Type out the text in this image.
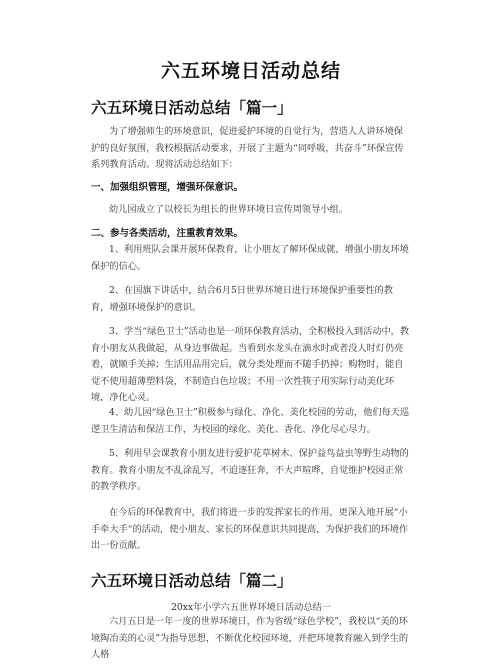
六五环境日活动总结
六五环境日活动总结「篇一」

为了增强师生的环境意识，促进爱护环境的自觉行为，营造人人讲环境保护的良好氛围，我校根据活动要求，开展了主题为“同呼吸，共奋斗”环保宣传系列教育活动。现将活动总结如下：

一、加强组织管理，增强环保意识。

幼儿园成立了以校长为组长的世界环境日宣传周领导小组。

二、参与各类活动，注重教育效果。

1、利用班队会课开展环保教育，让小朋友了解环保成就，增强小朋友环境保护的信心。

2、在国旗下讲话中，结合6月5日世界环境日进行环境保护重要性的教育，增强环境保护的意识。

3、学当“绿色卫士”活动也是一项环保教育活动，全积极投入到活动中，教育小朋友从我做起，从身边事做起。当看到水龙头在滴水时或者没人时灯仍亮着，就顺手关掉；生活用品用完后，就分类处理而不随手扔掉；购物时，能自觉不使用超薄塑料袋，不制造白色垃圾；不用一次性筷子用实际行动美化环境，净化心灵。

4、幼儿园“绿色卫士”积极参与绿化、净化、美化校园的劳动，他们每天巡逻卫生清洁和保洁工作，为校园的绿化、美化、香化、净化尽心尽力。

5、利用早会课教育小朋友进行爱护花草树木、保护益鸟益虫等野生动物的教育。教育小朋友不乱涂乱写，不追逐狂奔，不大声喧哗，自觉维护校园正常的教学秩序。

在今后的环保教育中，我们将进一步的发挥家长的作用，更深入地开展“小手牵大手“的活动，使小朋友、家长的环保意识共同提高，为保护我们的环境作出一份贡献。

六五环境日活动总结「篇二」
20xx年小学六五世界环境日活动总结一

六月五日是一年一度的世界环境日，作为省级“绿色学校”，我校以“美的环境陶冶美的心灵”为指导思想，不断优化校园环境，并把环境教育融入到学生的人格
